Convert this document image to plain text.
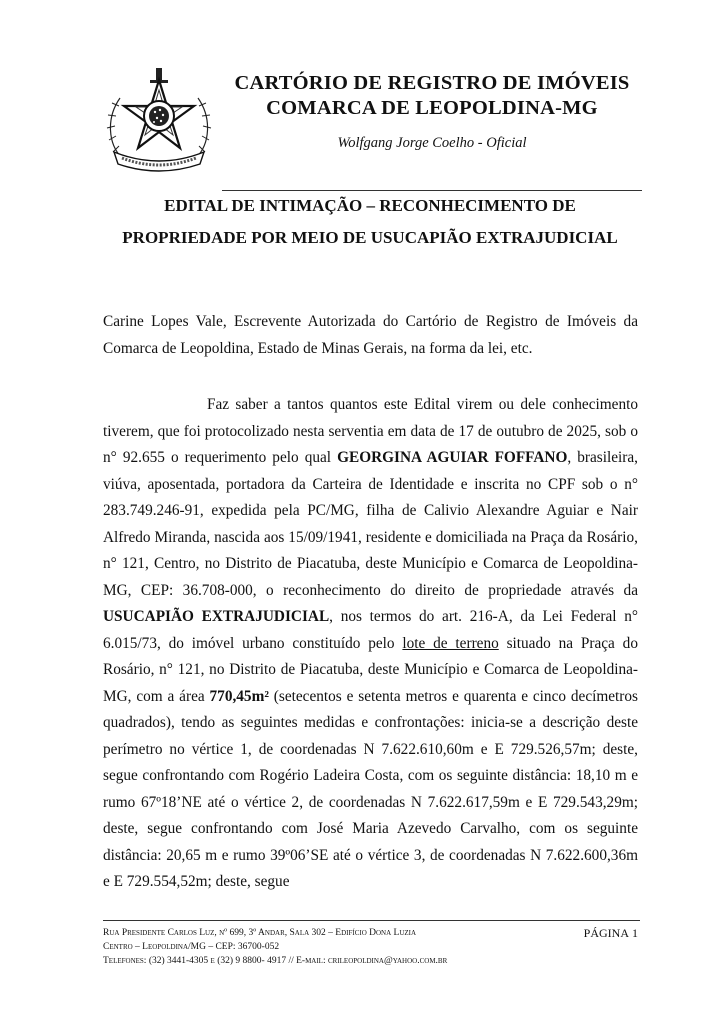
CARTÓRIO DE REGISTRO DE IMÓVEIS
COMARCA DE LEOPOLDINA-MG
Wolfgang Jorge Coelho - Oficial
EDITAL DE INTIMAÇÃO – RECONHECIMENTO DE
PROPRIEDADE POR MEIO DE USUCAPIÃO EXTRAJUDICIAL
Carine Lopes Vale, Escrevente Autorizada do Cartório de Registro de Imóveis da Comarca de Leopoldina, Estado de Minas Gerais, na forma da lei, etc.
Faz saber a tantos quantos este Edital virem ou dele conhecimento tiverem, que foi protocolizado nesta serventia em data de 17 de outubro de 2025, sob o n° 92.655 o requerimento pelo qual GEORGINA AGUIAR FOFFANO, brasileira, viúva, aposentada, portadora da Carteira de Identidade e inscrita no CPF sob o n° 283.749.246-91, expedida pela PC/MG, filha de Calivio Alexandre Aguiar e Nair Alfredo Miranda, nascida aos 15/09/1941, residente e domiciliada na Praça da Rosário, n° 121, Centro, no Distrito de Piacatuba, deste Município e Comarca de Leopoldina-MG, CEP: 36.708-000, o reconhecimento do direito de propriedade através da USUCAPIÃO EXTRAJUDICIAL, nos termos do art. 216-A, da Lei Federal n° 6.015/73, do imóvel urbano constituído pelo lote de terreno situado na Praça do Rosário, n° 121, no Distrito de Piacatuba, deste Município e Comarca de Leopoldina-MG, com a área 770,45m² (setecentos e setenta metros e quarenta e cinco decímetros quadrados), tendo as seguintes medidas e confrontações: inicia-se a descrição deste perímetro no vértice 1, de coordenadas N 7.622.610,60m e E 729.526,57m; deste, segue confrontando com Rogério Ladeira Costa, com os seguinte distância: 18,10 m e rumo 67º18’NE até o vértice 2, de coordenadas N 7.622.617,59m e E 729.543,29m; deste, segue confrontando com José Maria Azevedo Carvalho, com os seguinte distância: 20,65 m e rumo 39º06’SE até o vértice 3, de coordenadas N 7.622.600,36m e E 729.554,52m; deste, segue
Rua Presidente Carlos Luz, nº 699, 3º Andar, Sala 302 – Edifício Dona Luzia
Centro – Leopoldina/MG – CEP: 36700-052
Telefones: (32) 3441-4305 e (32) 9 8800- 4917 // E-mail: crileopoldina@yahoo.com.br
PÁGINA 1
